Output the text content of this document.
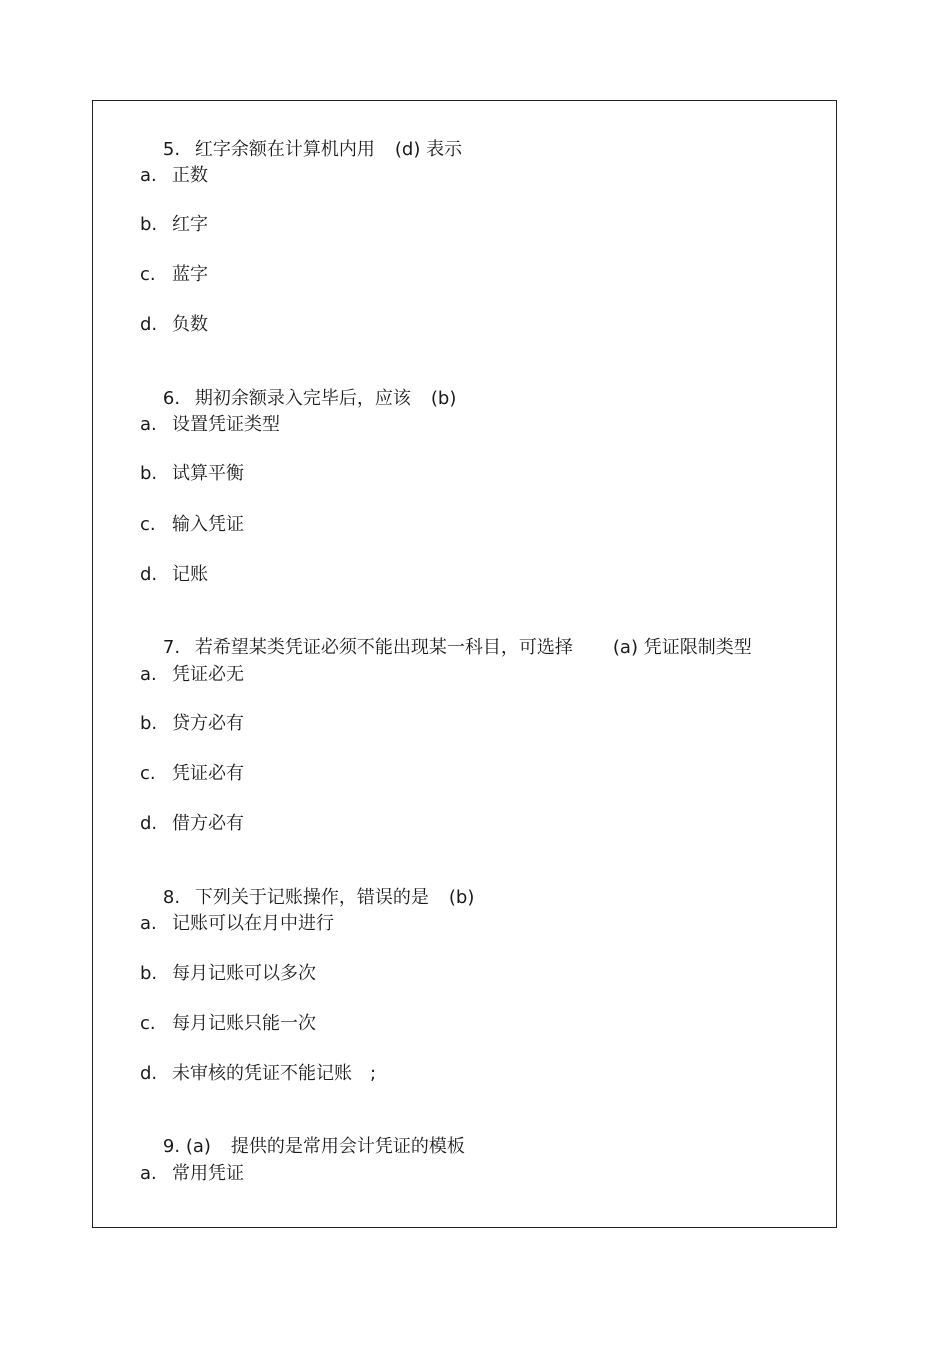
5. 红字余额在计算机内用 (d) 表示

a. 正数
b. 红字
c. 蓝字
d. 负数

6. 期初余额录入完毕后，应该 (b)

a. 设置凭证类型
b. 试算平衡
c. 输入凭证
d. 记账

7. 若希望某类凭证必须不能出现某一科目，可选择 (a) 凭证限制类型

a. 凭证必无
b. 贷方必有
c. 凭证必有
d. 借方必有

8. 下列关于记账操作，错误的是 (b)

a. 记账可以在月中进行
b. 每月记账可以多次
c. 每月记账只能一次
d. 未审核的凭证不能记账　;

9. (a) 提供的是常用会计凭证的模板

a. 常用凭证
